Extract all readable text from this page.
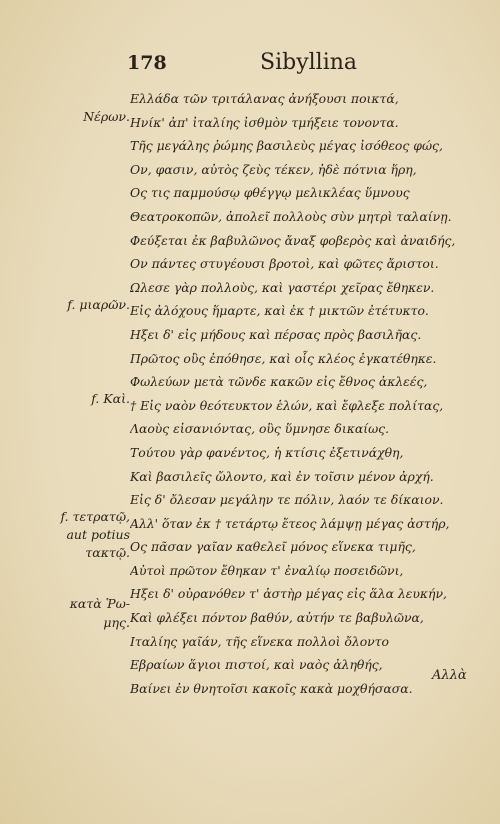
178	Sibyllina
Ελλάδα τῶν τριτάλανας ἀνήξουσι ποικτά,
Ηνίκ' ἀπ' ἰταλίης ἰσθμὸν τμήξειε τονοντα.
Τῆς μεγάλης ῥώμης βασιλεὺς μέγας ἰσόθεος φώς,
Ον, φασιν, αὐτὸς ζεὺς τέκεν, ἠδὲ πότνια ἥρη,
Ος τις παμμούσῳ φθέγγῳ μελικλέας ὕμνους
Θεατροκοπῶν, ἀπολεῖ πολλοὺς σὺν μητρὶ ταλαίνῃ.
Φεύξεται ἐκ βαβυλῶνος ἄναξ φοβερὸς καὶ ἀναιδής,
Ον πάντες στυγέουσι βροτοὶ, καὶ φῶτες ἄριστοι.
Ωλεσε γὰρ πολλοὺς, καὶ γαστέρι χεῖρας ἔθηκεν.
Εἰς ἀλόχους ἥμαρτε, καὶ ἐκ † μικτῶν ἐτέτυκτο.
Ηξει δ' εἰς μήδους καὶ πέρσας πρὸς βασιλῆας.
Πρῶτος οὓς ἐπόθησε, καὶ οἷς κλέος ἐγκατέθηκε.
Φωλεύων μετὰ τῶνδε κακῶν εἰς ἔθνος ἀκλεές,
† Εἰς ναὸν θεότευκτον ἑλών, καὶ ἔφλεξε πολίτας,
Λαοὺς εἰσανιόντας, οὓς ὕμνησε δικαίως.
Τούτου γὰρ φανέντος, ἡ κτίσις ἐξετινάχθη,
Καὶ βασιλεῖς ὤλοντο, καὶ ἐν τοῖσιν μένον ἀρχή.
Εἰς δ' ὄλεσαν μεγάλην τε πόλιν, λαόν τε δίκαιον.
Αλλ' ὅταν ἐκ † τετάρτῳ ἔτεος λάμψῃ μέγας ἀστήρ,
Ος πᾶσαν γαῖαν καθελεῖ μόνος εἵνεκα τιμῆς,
Αὐτοὶ πρῶτον ἔθηκαν τ' ἐναλίῳ ποσειδῶνι,
Ηξει δ' οὐρανόθεν τ' ἀστὴρ μέγας εἰς ἅλα λευκήν,
Καὶ φλέξει πόντον βαθύν, αὐτήν τε βαβυλῶνα,
Ιταλίης γαῖάν, τῆς εἵνεκα πολλοὶ ὄλοντο
Εβραίων ἅγιοι πιστοί, καὶ ναὸς ἀληθής,
Βαίνει ἐν θνητοῖσι κακοῖς κακὰ μοχθήσασα.
Νέρων.
f. μιαρῶν.
f. Καὶ.
f. τετρατῷ,
aut potius
τακτῷ.
κατὰ Ῥω-
μης.
Αλλὰ
